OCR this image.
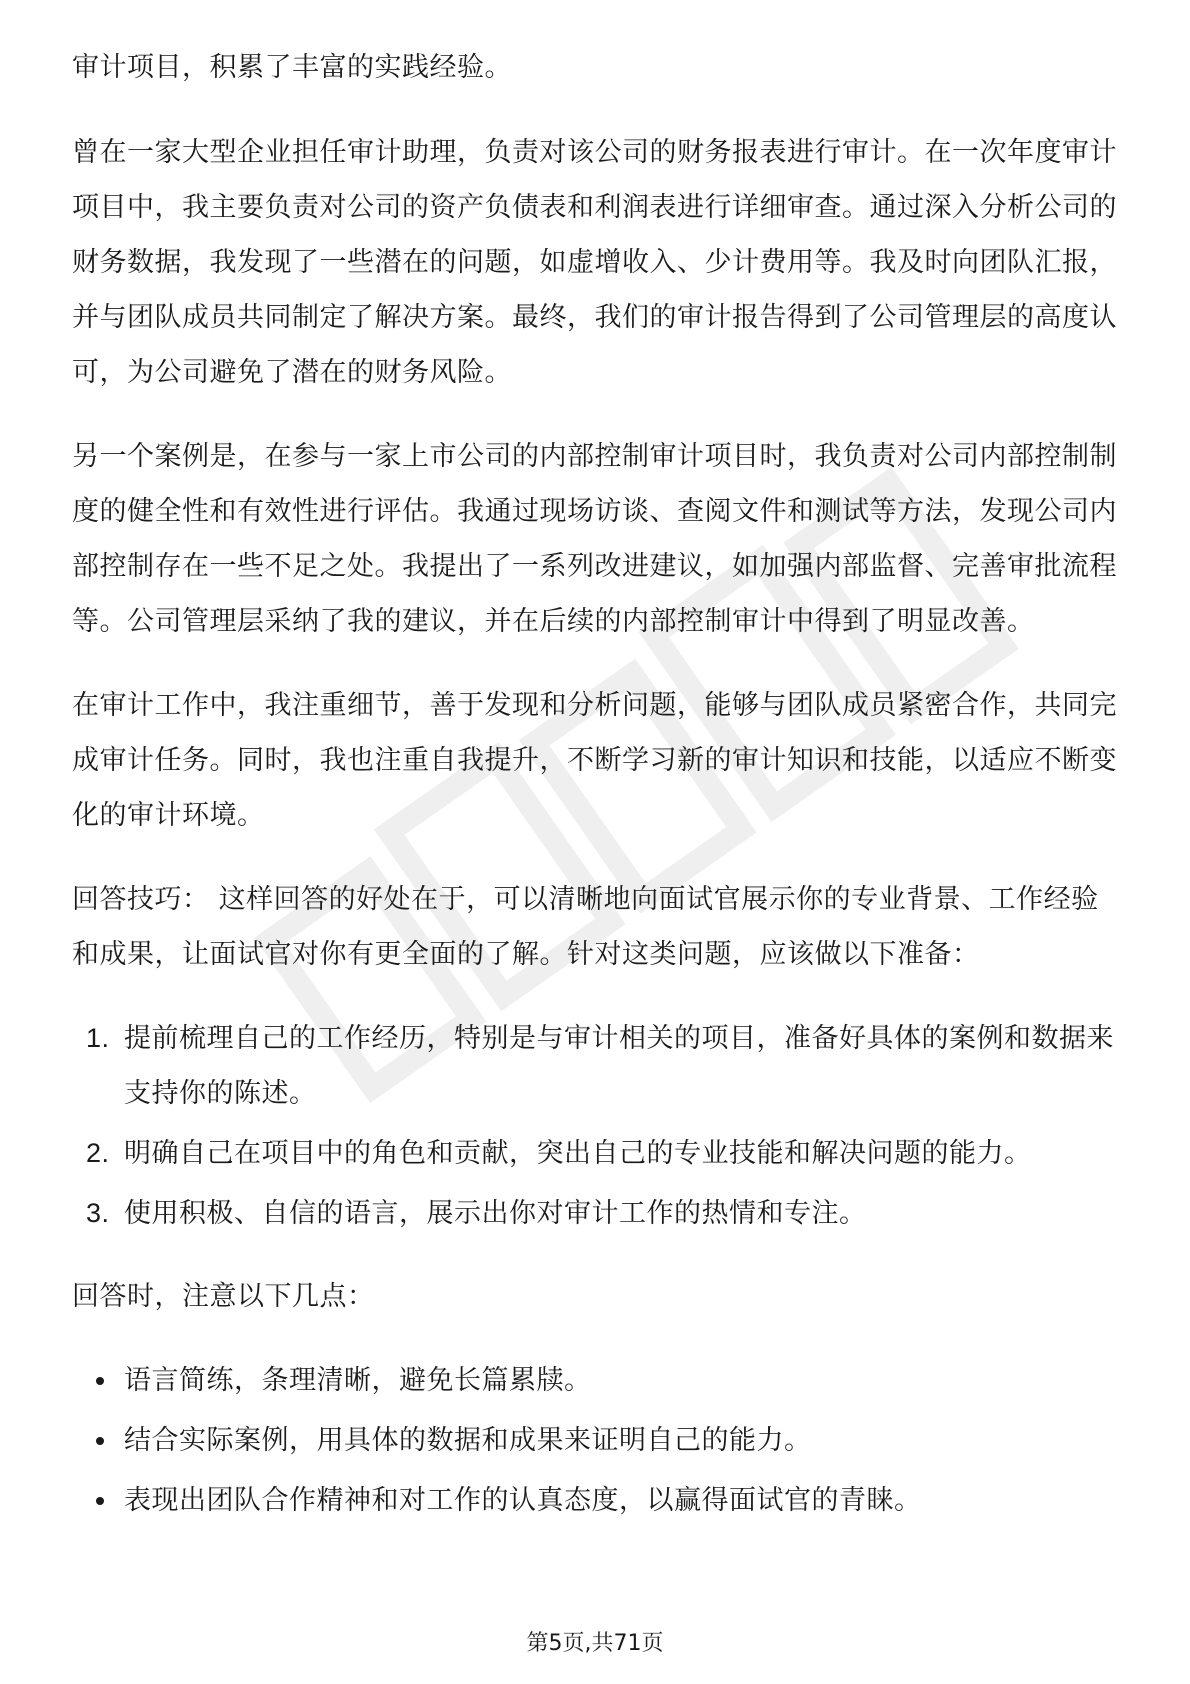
审计项目，积累了丰富的实践经验。

曾在一家大型企业担任审计助理，负责对该公司的财务报表进行审计。在一次年度审计项目中，我主要负责对公司的资产负债表和利润表进行详细审查。通过深入分析公司的财务数据，我发现了一些潜在的问题，如虚增收入、少计费用等。我及时向团队汇报，并与团队成员共同制定了解决方案。最终，我们的审计报告得到了公司管理层的高度认可，为公司避免了潜在的财务风险。

另一个案例是，在参与一家上市公司的内部控制审计项目时，我负责对公司内部控制制度的健全性和有效性进行评估。我通过现场访谈、查阅文件和测试等方法，发现公司内部控制存在一些不足之处。我提出了一系列改进建议，如加强内部监督、完善审批流程等。公司管理层采纳了我的建议，并在后续的内部控制审计中得到了明显改善。

在审计工作中，我注重细节，善于发现和分析问题，能够与团队成员紧密合作，共同完成审计任务。同时，我也注重自我提升，不断学习新的审计知识和技能，以适应不断变化的审计环境。

回答技巧： 这样回答的好处在于，可以清晰地向面试官展示你的专业背景、工作经验和成果，让面试官对你有更全面的了解。针对这类问题，应该做以下准备：

1. 提前梳理自己的工作经历，特别是与审计相关的项目，准备好具体的案例和数据来支持你的陈述。
2. 明确自己在项目中的角色和贡献，突出自己的专业技能和解决问题的能力。
3. 使用积极、自信的语言，展示出你对审计工作的热情和专注。

回答时，注意以下几点：

语言简练，条理清晰，避免长篇累牍。
结合实际案例，用具体的数据和成果来证明自己的能力。
表现出团队合作精神和对工作的认真态度，以赢得面试官的青睐。
第5页,共71页
